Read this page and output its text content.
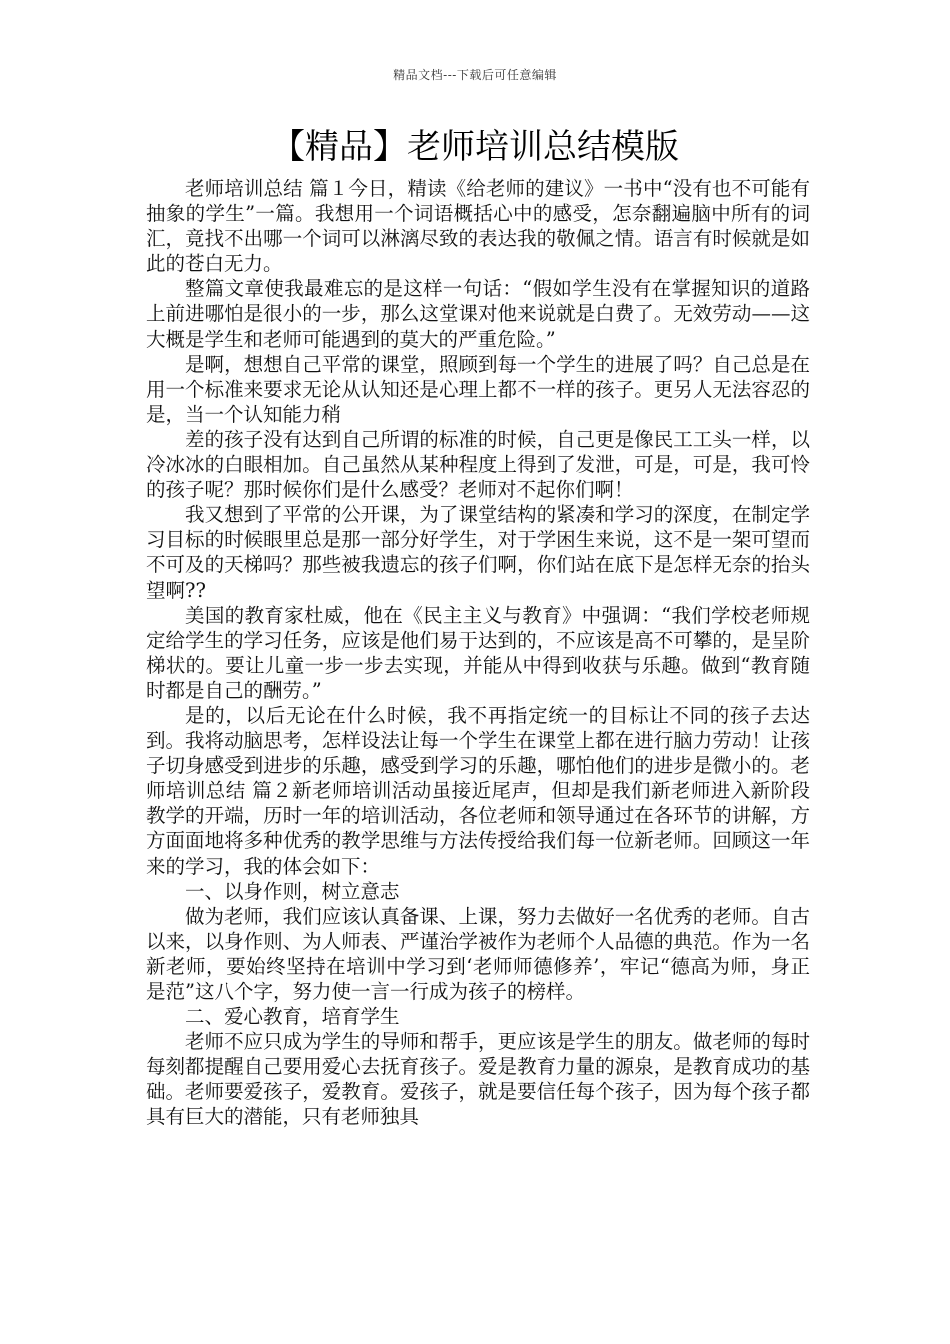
精品文档---下载后可任意编辑
【精品】老师培训总结模版

老师培训总结 篇１今日，精读《给老师的建议》一书中“没有也不可能有抽象的学生”一篇。我想用一个词语概括心中的感受，怎奈翻遍脑中所有的词汇，竟找不出哪一个词可以淋漓尽致的表达我的敬佩之情。语言有时候就是如此的苍白无力。

整篇文章使我最难忘的是这样一句话：“假如学生没有在掌握知识的道路上前进哪怕是很小的一步，那么这堂课对他来说就是白费了。无效劳动——这大概是学生和老师可能遇到的莫大的严重危险。”

是啊，想想自己平常的课堂，照顾到每一个学生的进展了吗？自己总是在用一个标准来要求无论从认知还是心理上都不一样的孩子。更另人无法容忍的是，当一个认知能力稍

差的孩子没有达到自己所谓的标准的时候，自己更是像民工工头一样，以冷冰冰的白眼相加。自己虽然从某种程度上得到了发泄，可是，可是，我可怜的孩子呢？那时候你们是什么感受？老师对不起你们啊！

我又想到了平常的公开课，为了课堂结构的紧凑和学习的深度，在制定学习目标的时候眼里总是那一部分好学生，对于学困生来说，这不是一架可望而不可及的天梯吗？那些被我遗忘的孩子们啊，你们站在底下是怎样无奈的抬头望啊??

美国的教育家杜威，他在《民主主义与教育》中强调：“我们学校老师规定给学生的学习任务，应该是他们易于达到的，不应该是高不可攀的，是呈阶梯状的。要让儿童一步一步去实现，并能从中得到收获与乐趣。做到“教育随时都是自己的酬劳。”

是的，以后无论在什么时候，我不再指定统一的目标让不同的孩子去达到。我将动脑思考，怎样设法让每一个学生在课堂上都在进行脑力劳动！让孩子切身感受到进步的乐趣，感受到学习的乐趣，哪怕他们的进步是微小的。老师培训总结 篇２新老师培训活动虽接近尾声，但却是我们新老师进入新阶段教学的开端，历时一年的培训活动，各位老师和领导通过在各环节的讲解，方方面面地将多种优秀的教学思维与方法传授给我们每一位新老师。回顾这一年来的学习，我的体会如下：

一、以身作则，树立意志

做为老师，我们应该认真备课、上课，努力去做好一名优秀的老师。自古以来，以身作则、为人师表、严谨治学被作为老师个人品德的典范。作为一名新老师，要始终坚持在培训中学习到‘老师师德修养’，牢记“德高为师，身正是范”这八个字，努力使一言一行成为孩子的榜样。

二、爱心教育，培育学生

老师不应只成为学生的导师和帮手，更应该是学生的朋友。做老师的每时每刻都提醒自己要用爱心去抚育孩子。爱是教育力量的源泉，是教育成功的基础。老师要爱孩子，爱教育。爱孩子，就是要信任每个孩子，因为每个孩子都具有巨大的潜能，只有老师独具
